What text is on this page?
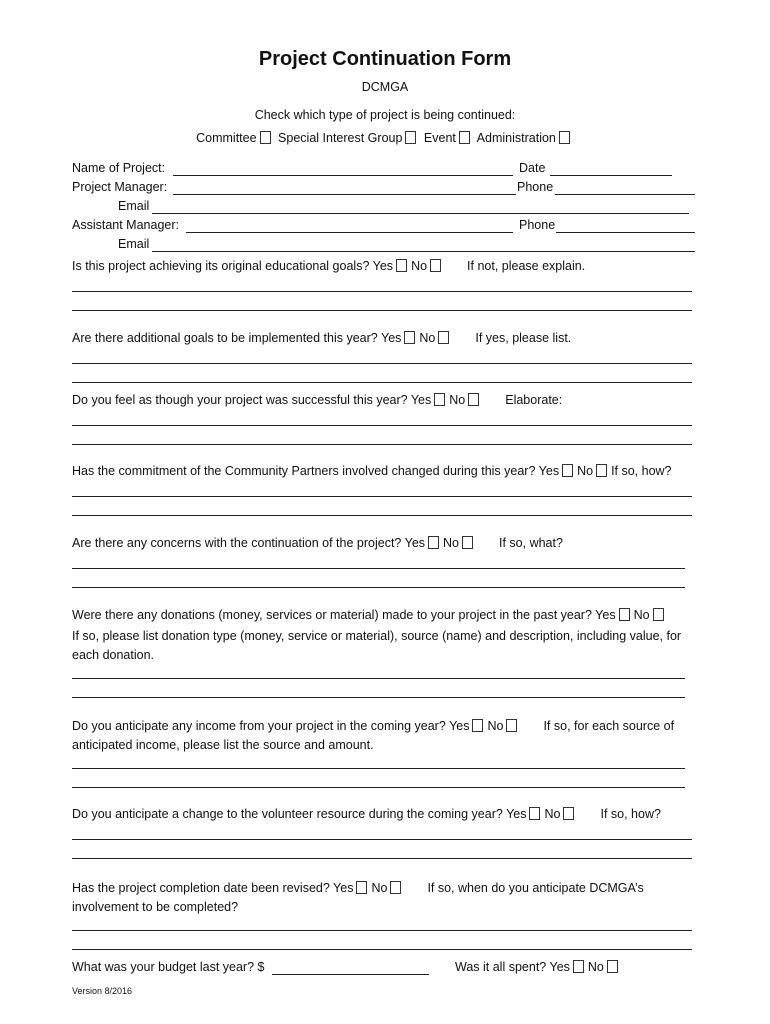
Project Continuation Form
DCMGA
Check which type of project is being continued:
Committee Special Interest Group Event Administration
Name of Project:	Date
Project Manager:	Phone
Email
Assistant Manager:	Phone
Email
Is this project achieving its original educational goals? Yes No	If not, please explain.
Are there additional goals to be implemented this year? Yes No	If yes, please list.
Do you feel as though your project was successful this year? Yes No	Elaborate:
Has the commitment of the Community Partners involved changed during this year? Yes No If so, how?
Are there any concerns with the continuation of the project? Yes No	If so, what?
Were there any donations (money, services or material) made to your project in the past year? Yes No
If so, please list donation type (money, service or material), source (name) and description, including value, for each donation.
Do you anticipate any income from your project in the coming year? Yes No	If so, for each source of anticipated income, please list the source and amount.
Do you anticipate a change to the volunteer resource during the coming year? Yes No	If so, how?
Has the project completion date been revised? Yes No	If so, when do you anticipate DCMGA’s involvement to be completed?
What was your budget last year? $	Was it all spent? Yes No
Version 8/2016
